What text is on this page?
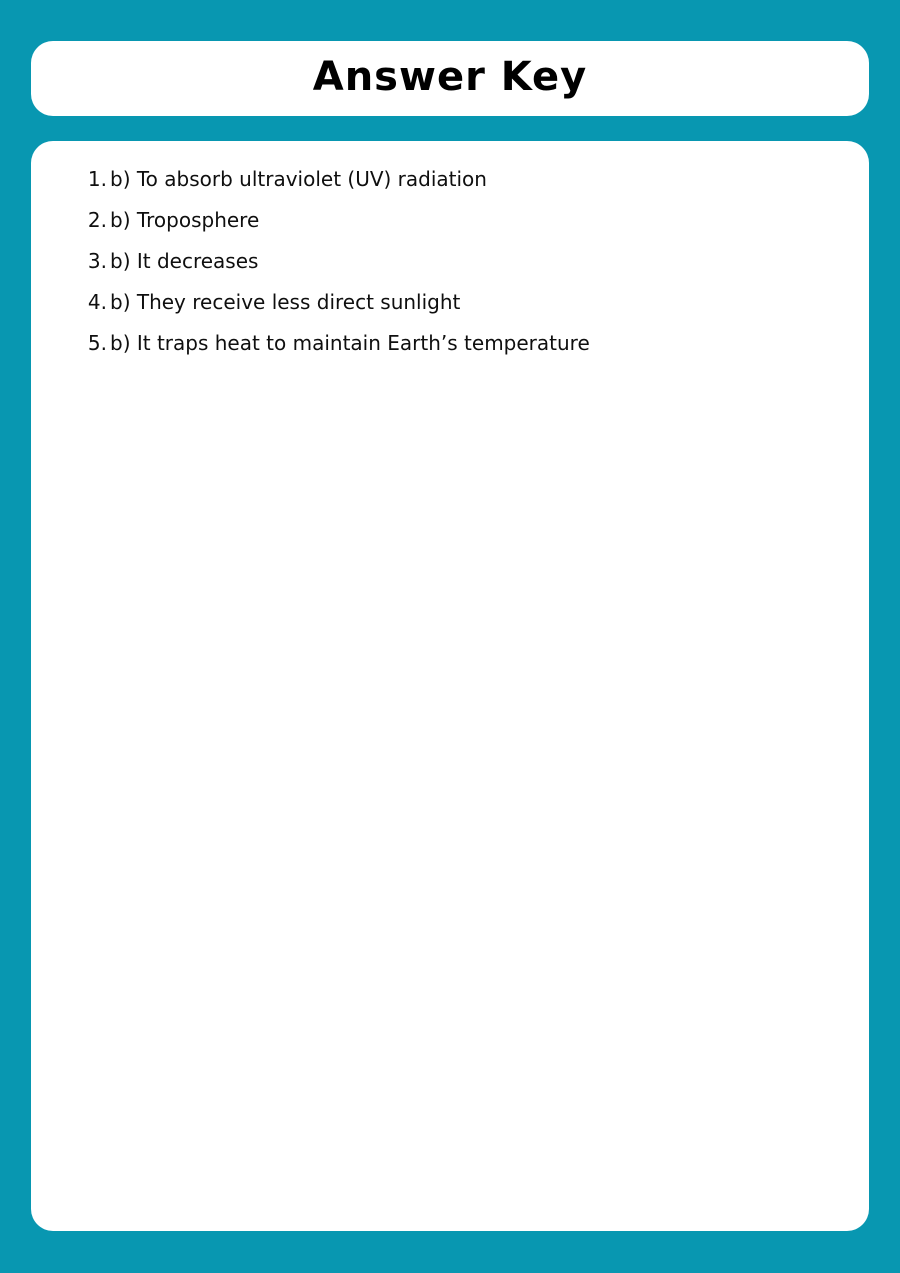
Answer Key
1. b) To absorb ultraviolet (UV) radiation
2. b) Troposphere
3. b) It decreases
4. b) They receive less direct sunlight
5. b) It traps heat to maintain Earth’s temperature
